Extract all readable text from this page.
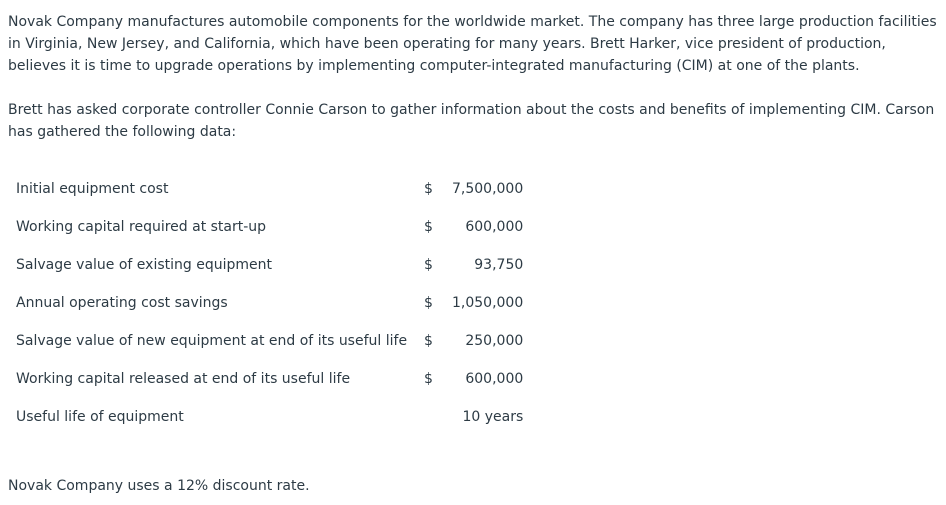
Novak Company manufactures automobile components for the worldwide market. The company has three large production facilities in Virginia, New Jersey, and California, which have been operating for many years. Brett Harker, vice president of production, believes it is time to upgrade operations by implementing computer-integrated manufacturing (CIM) at one of the plants.

Brett has asked corporate controller Connie Carson to gather information about the costs and benefits of implementing CIM. Carson has gathered the following data:

Initial equipment cost	$	7,500,000
Working capital required at start-up	$	600,000
Salvage value of existing equipment	$	93,750
Annual operating cost savings	$	1,050,000
Salvage value of new equipment at end of its useful life	$	250,000
Working capital released at end of its useful life	$	600,000
Useful life of equipment		10 years

Novak Company uses a 12% discount rate.
